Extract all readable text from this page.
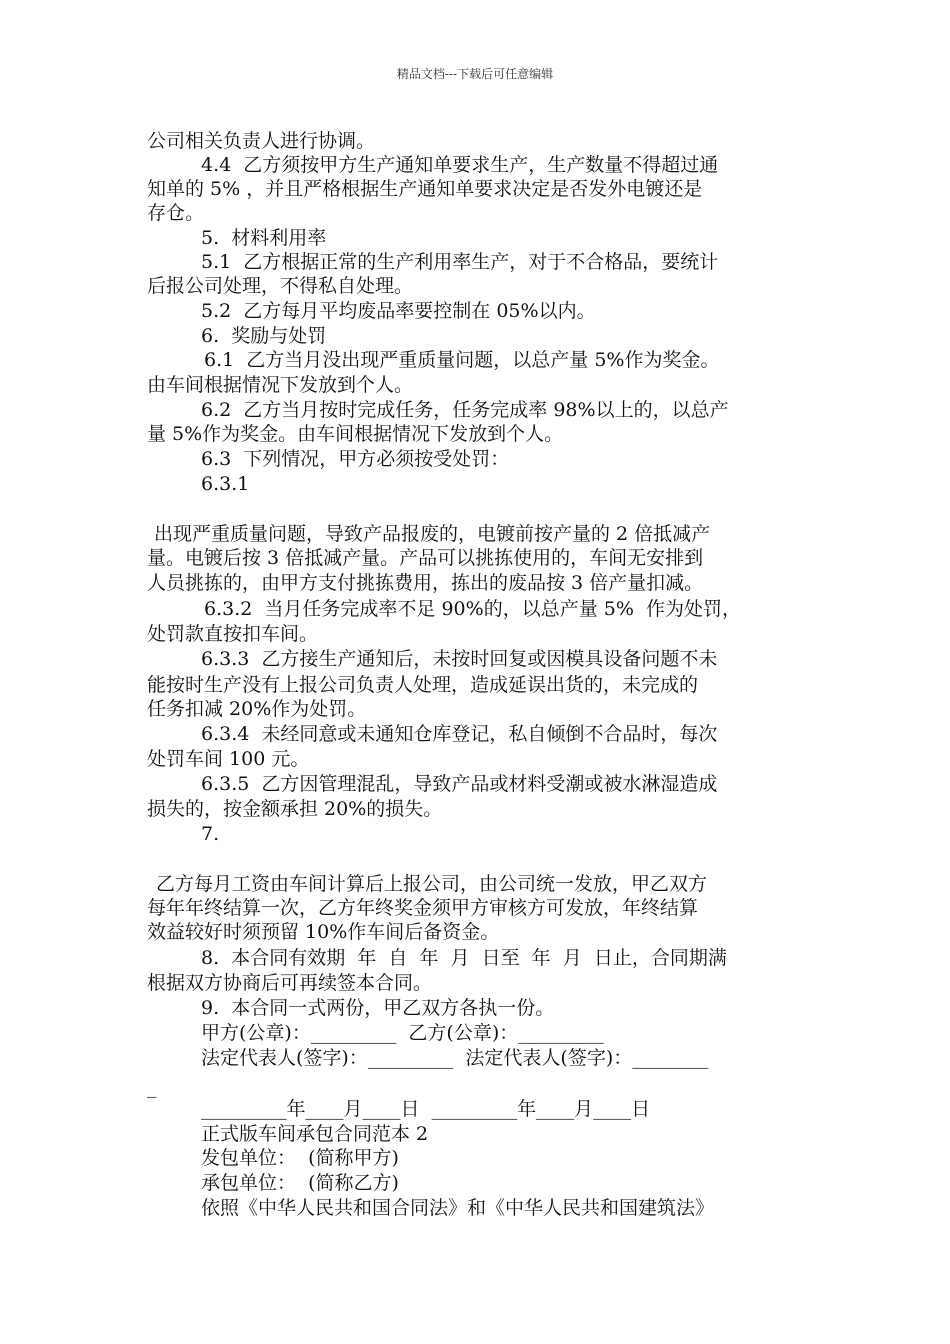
精品文档---下载后可任意编辑
公司相关负责人进行协调。
4.4  乙方须按甲方生产通知单要求生产，生产数量不得超过通
知单的 5% ，并且严格根据生产通知单要求决定是否发外电镀还是
存仓。
5.  材料利用率
5.1  乙方根据正常的生产利用率生产，对于不合格品，要统计
后报公司处理，不得私自处理。
5.2  乙方每月平均废品率要控制在 05%以内。
6.  奖励与处罚
6.1  乙方当月没出现严重质量问题，以总产量 5%作为奖金。
由车间根据情况下发放到个人。
6.2  乙方当月按时完成任务，任务完成率 98%以上的，以总产
量 5%作为奖金。由车间根据情况下发放到个人。
6.3  下列情况，甲方必须按受处罚：
6.3.1
出现严重质量问题，导致产品报废的，电镀前按产量的 2 倍抵减产
量。电镀后按 3 倍抵减产量。产品可以挑拣使用的，车间无安排到
人员挑拣的，由甲方支付挑拣费用，拣出的废品按 3 倍产量扣减。
6.3.2  当月任务完成率不足 90%的，以总产量 5%  作为处罚，
处罚款直按扣车间。
6.3.3  乙方接生产通知后，未按时回复或因模具设备问题不未
能按时生产没有上报公司负责人处理，造成延误出货的，未完成的
任务扣减 20%作为处罚。
6.3.4  未经同意或未通知仓库登记，私自倾倒不合品时，每次
处罚车间 100 元。
6.3.5  乙方因管理混乱，导致产品或材料受潮或被水淋湿造成
损失的，按金额承担 20%的损失。
7.
乙方每月工资由车间计算后上报公司，由公司统一发放，甲乙双方
每年年终结算一次，乙方年终奖金须甲方审核方可发放，年终结算
效益较好时须预留 10%作车间后备资金。
8.  本合同有效期  年  自  年  月  日至  年  月  日止，合同期满
根据双方协商后可再续签本合同。
9.  本合同一式两份，甲乙双方各执一份。
甲方(公章)：_________  乙方(公章)：_________
法定代表人(签字)：_________  法定代表人(签字)：________
_
_________年____月____日  _________年____月____日
正式版车间承包合同范本 2
发包单位：  (简称甲方)
承包单位：  (简称乙方)
依照《中华人民共和国合同法》和《中华人民共和国建筑法》
